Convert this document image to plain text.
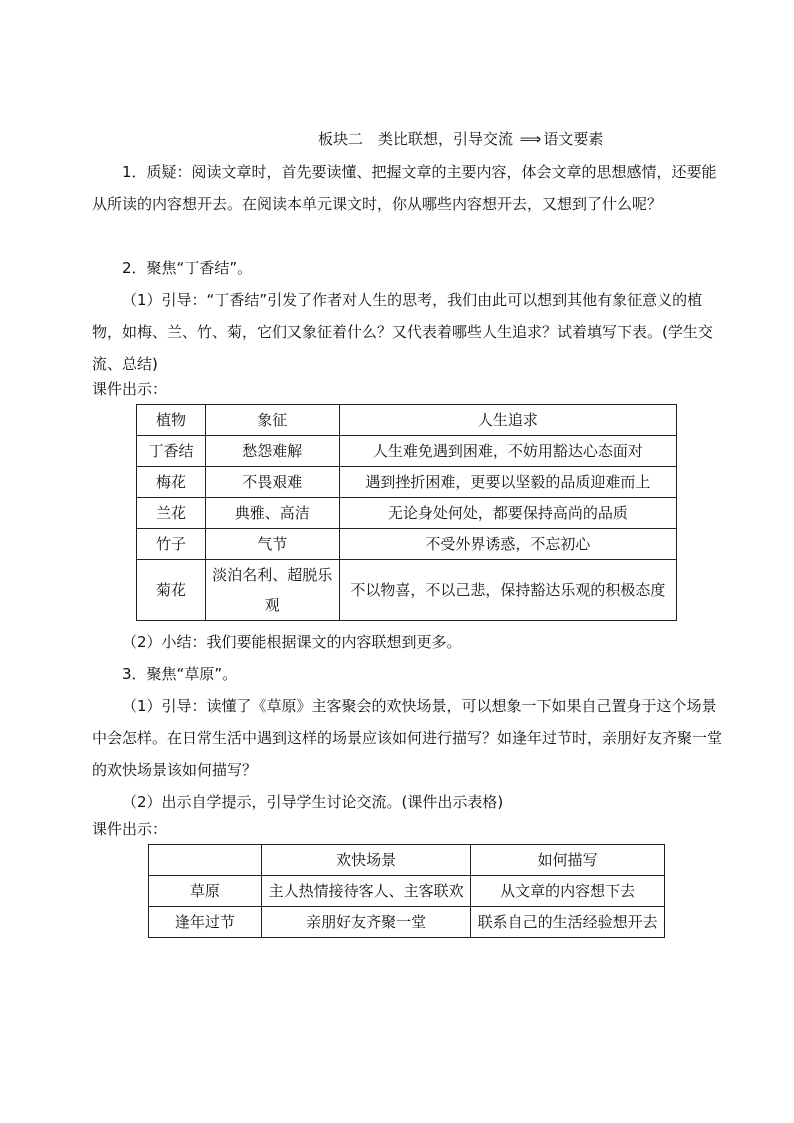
板块二　类比联想，引导交流 ⟹ 语文要素

1．质疑：阅读文章时，首先要读懂、把握文章的主要内容，体会文章的思想感情，还要能从所读的内容想开去。在阅读本单元课文时，你从哪些内容想开去，又想到了什么呢？

2．聚焦“丁香结”。

（1）引导：“丁香结”引发了作者对人生的思考，我们由此可以想到其他有象征意义的植物，如梅、兰、竹、菊，它们又象征着什么？又代表着哪些人生追求？试着填写下表。(学生交流、总结)

课件出示：
植物	象征	人生追求
丁香结	愁怨难解	人生难免遇到困难，不妨用豁达心态面对
梅花	不畏艰难	遇到挫折困难，更要以坚毅的品质迎难而上
兰花	典雅、高洁	无论身处何处，都要保持高尚的品质
竹子	气节	不受外界诱惑，不忘初心
菊花	淡泊名利、超脱乐观	不以物喜，不以己悲，保持豁达乐观的积极态度

（2）小结：我们要能根据课文的内容联想到更多。

3．聚焦“草原”。

（1）引导：读懂了《草原》主客聚会的欢快场景，可以想象一下如果自己置身于这个场景中会怎样。在日常生活中遇到这样的场景应该如何进行描写？如逢年过节时，亲朋好友齐聚一堂的欢快场景该如何描写？

（2）出示自学提示，引导学生讨论交流。(课件出示表格)

课件出示：
	欢快场景	如何描写
草原	主人热情接待客人、主客联欢	从文章的内容想下去
逢年过节	亲朋好友齐聚一堂	联系自己的生活经验想开去
